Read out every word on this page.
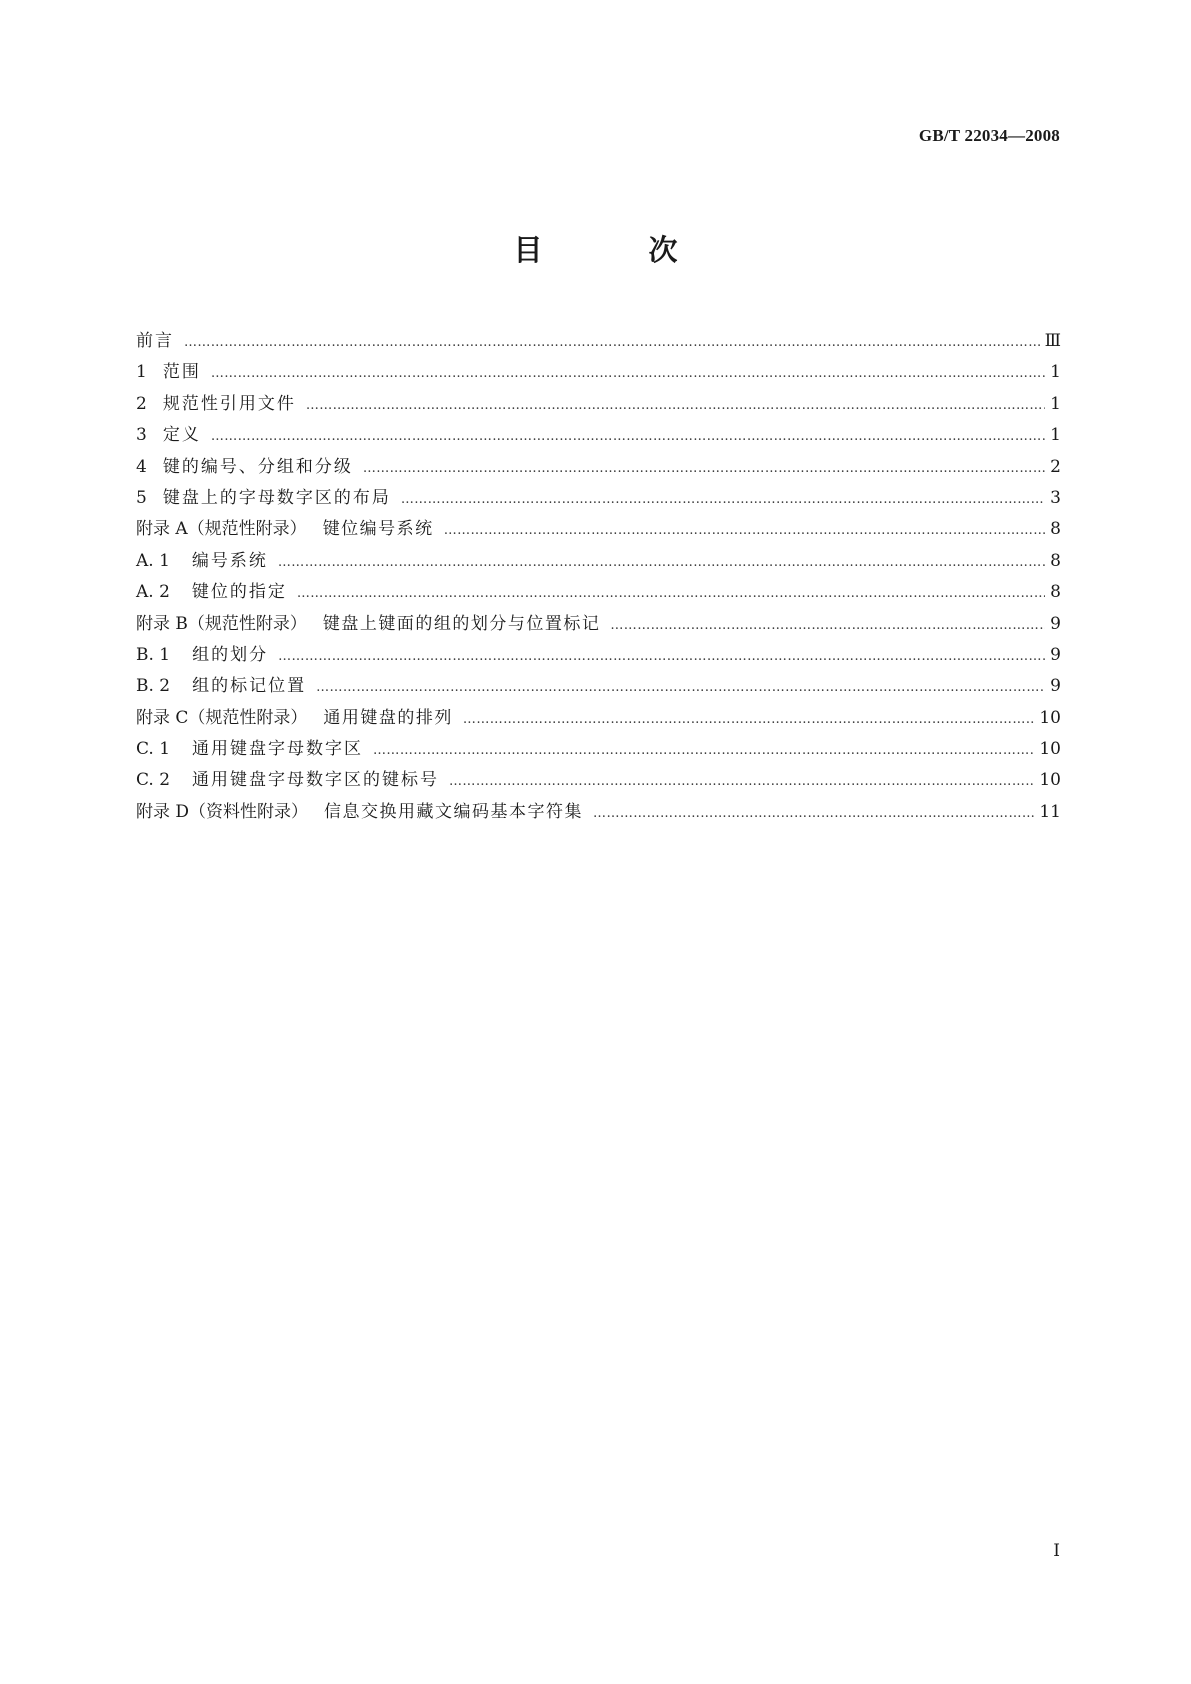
GB/T 22034—2008
目 次
前言 ……………………………………………………………………………………………………………………………………………………………………………………………………………………	Ⅲ
1 范围 ……………………………………………………………………………………………………………………………………………………………………………………………………………………	1
2 规范性引用文件 ……………………………………………………………………………………………………………………………………………………………………………………………………………………	1
3 定义 ……………………………………………………………………………………………………………………………………………………………………………………………………………………	1
4 键的编号、分组和分级 ……………………………………………………………………………………………………………………………………………………………………………………………………………………	2
5 键盘上的字母数字区的布局 ……………………………………………………………………………………………………………………………………………………………………………………………………………………	3
附录 A（规范性附录） 键位编号系统 ……………………………………………………………………………………………………………………………………………………………………………………………………………………	8
A. 1 编号系统 ……………………………………………………………………………………………………………………………………………………………………………………………………………………	8
A. 2 键位的指定 ……………………………………………………………………………………………………………………………………………………………………………………………………………………	8
附录 B（规范性附录） 键盘上键面的组的划分与位置标记 ……………………………………………………………………………………………………………………………………………………………………………………………………………………	9
B. 1 组的划分 ……………………………………………………………………………………………………………………………………………………………………………………………………………………	9
B. 2 组的标记位置 ……………………………………………………………………………………………………………………………………………………………………………………………………………………	9
附录 C（规范性附录） 通用键盘的排列 ……………………………………………………………………………………………………………………………………………………………………………………………………………………	10
C. 1 通用键盘字母数字区 ……………………………………………………………………………………………………………………………………………………………………………………………………………………	10
C. 2 通用键盘字母数字区的键标号 ……………………………………………………………………………………………………………………………………………………………………………………………………………………	10
附录 D（资料性附录） 信息交换用藏文编码基本字符集 ……………………………………………………………………………………………………………………………………………………………………………………………………………………	11
Ⅰ
